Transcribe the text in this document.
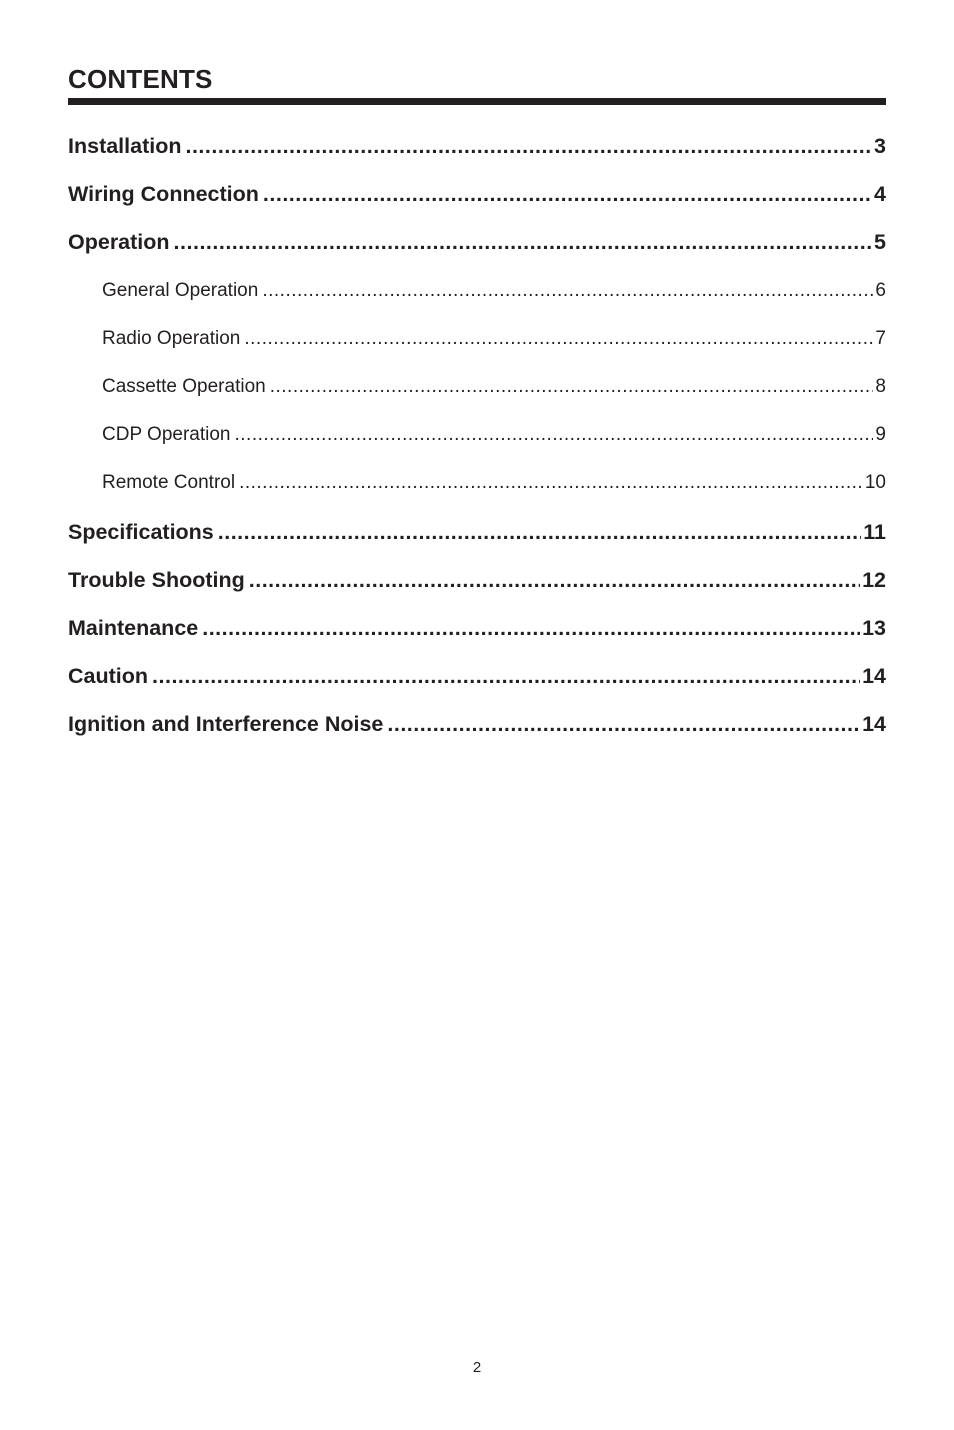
CONTENTS
Installation .....	3
Wiring Connection .....	4
Operation .....	5
General Operation .....	6
Radio Operation .....	7
Cassette Operation .....	8
CDP Operation .....	9
Remote Control .....	10
Specifications .....	11
Trouble Shooting .....	12
Maintenance .....	13
Caution .....	14
Ignition and Interference Noise .....	14
2
